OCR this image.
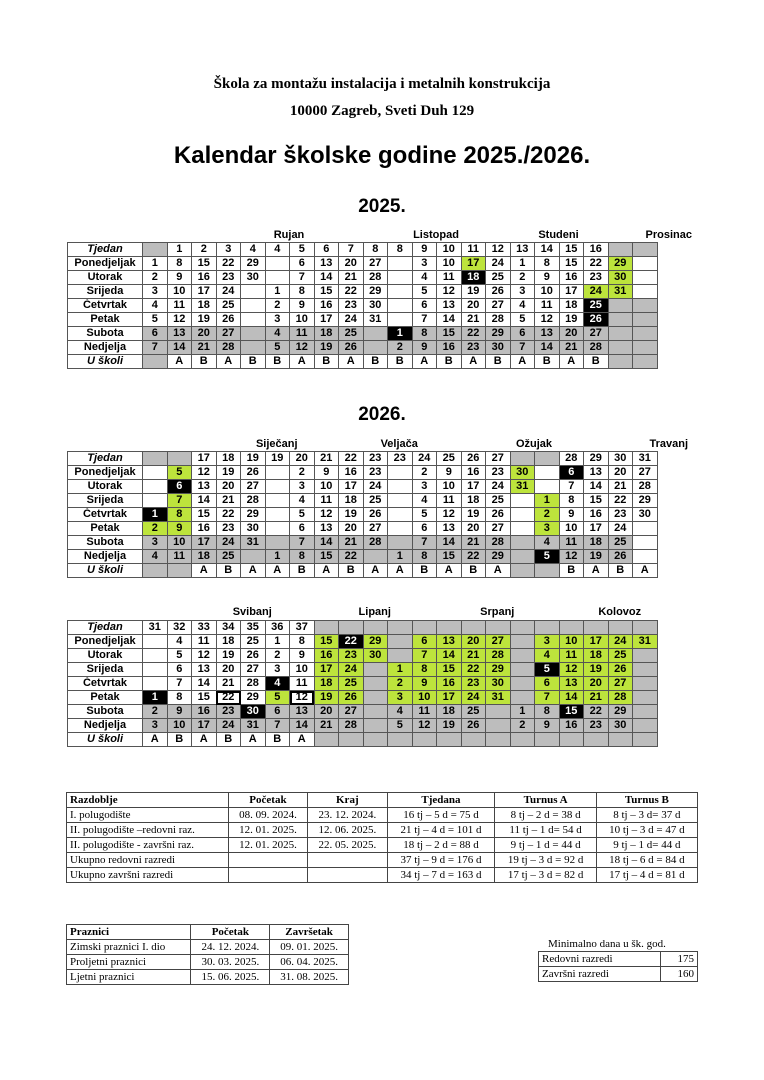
Škola za montažu instalacija i metalnih konstrukcija
10000 Zagreb, Sveti Duh 129
Kalendar školske godine 2025./2026.
2025.
Rujan	Listopad	Studeni	Prosinac
Tjedan		1	2	3	4	4	5	6	7	8	8	9	10	11	12	13	14	15	16		
Ponedjeljak	1	8	15	22	29		6	13	20	27		3	10	17	24	1	8	15	22	29	
Utorak	2	9	16	23	30		7	14	21	28		4	11	18	25	2	9	16	23	30	
Srijeda	3	10	17	24		1	8	15	22	29		5	12	19	26	3	10	17	24	31	
Četvrtak	4	11	18	25		2	9	16	23	30		6	13	20	27	4	11	18	25		
Petak	5	12	19	26		3	10	17	24	31		7	14	21	28	5	12	19	26		
Subota	6	13	20	27		4	11	18	25		1	8	15	22	29	6	13	20	27		
Nedjelja	7	14	21	28		5	12	19	26		2	9	16	23	30	7	14	21	28		
U školi		A	B	A	B	B	A	B	A	B	B	A	B	A	B	A	B	A	B		
2026.
Siječanj	Veljača	Ožujak	Travanj
Tjedan			17	18	19	19	20	21	22	23	23	24	25	26	27			28	29	30	31
Ponedjeljak		5	12	19	26		2	9	16	23		2	9	16	23	30		6	13	20	27
Utorak		6	13	20	27		3	10	17	24		3	10	17	24	31		7	14	21	28
Srijeda		7	14	21	28		4	11	18	25		4	11	18	25		1	8	15	22	29
Četvrtak	1	8	15	22	29		5	12	19	26		5	12	19	26		2	9	16	23	30
Petak	2	9	16	23	30		6	13	20	27		6	13	20	27		3	10	17	24	
Subota	3	10	17	24	31		7	14	21	28		7	14	21	28		4	11	18	25	
Nedjelja	4	11	18	25		1	8	15	22		1	8	15	22	29		5	12	19	26	
U školi			A	B	A	A	B	A	B	A	A	B	A	B	A			B	A	B	A
Svibanj	Lipanj	Srpanj	Kolovoz
Tjedan	31	32	33	34	35	36	37														
Ponedjeljak		4	11	18	25	1	8	15	22	29		6	13	20	27		3	10	17	24	31
Utorak		5	12	19	26	2	9	16	23	30		7	14	21	28		4	11	18	25	
Srijeda		6	13	20	27	3	10	17	24		1	8	15	22	29		5	12	19	26	
Četvrtak		7	14	21	28	4	11	18	25		2	9	16	23	30		6	13	20	27	
Petak	1	8	15	22	29	5	12	19	26		3	10	17	24	31		7	14	21	28	
Subota	2	9	16	23	30	6	13	20	27		4	11	18	25		1	8	15	22	29	
Nedjelja	3	10	17	24	31	7	14	21	28		5	12	19	26		2	9	16	23	30	
U školi	A	B	A	B	A	B	A														
Razdoblje	Početak	Kraj	Tjedana	Turnus A	Turnus B
I. polugodište	08. 09. 2024.	23. 12. 2024.	16 tj – 5 d = 75 d	8 tj – 2 d = 38 d	8 tj – 3 d= 37 d
II. polugodište –redovni raz.	12. 01. 2025.	12. 06. 2025.	21 tj – 4 d = 101 d	11 tj – 1 d= 54 d	10 tj – 3 d = 47 d
II. polugodište - završni raz.	12. 01. 2025.	22. 05. 2025.	18 tj – 2 d = 88 d	9 tj – 1 d = 44 d	9 tj – 1 d= 44 d
Ukupno redovni razredi			37 tj – 9 d = 176 d	19 tj – 3 d = 92 d	18 tj – 6 d = 84 d
Ukupno završni razredi			34 tj – 7 d = 163 d	17 tj – 3 d = 82 d	17 tj – 4 d = 81 d
Praznici	Početak	Završetak
Zimski praznici I. dio	24. 12. 2024.	09. 01. 2025.
Proljetni praznici	30. 03. 2025.	06. 04. 2025.
Ljetni praznici	15. 06. 2025.	31. 08. 2025.
Minimalno dana u šk. god.
Redovni razredi	175
Završni razredi	160
